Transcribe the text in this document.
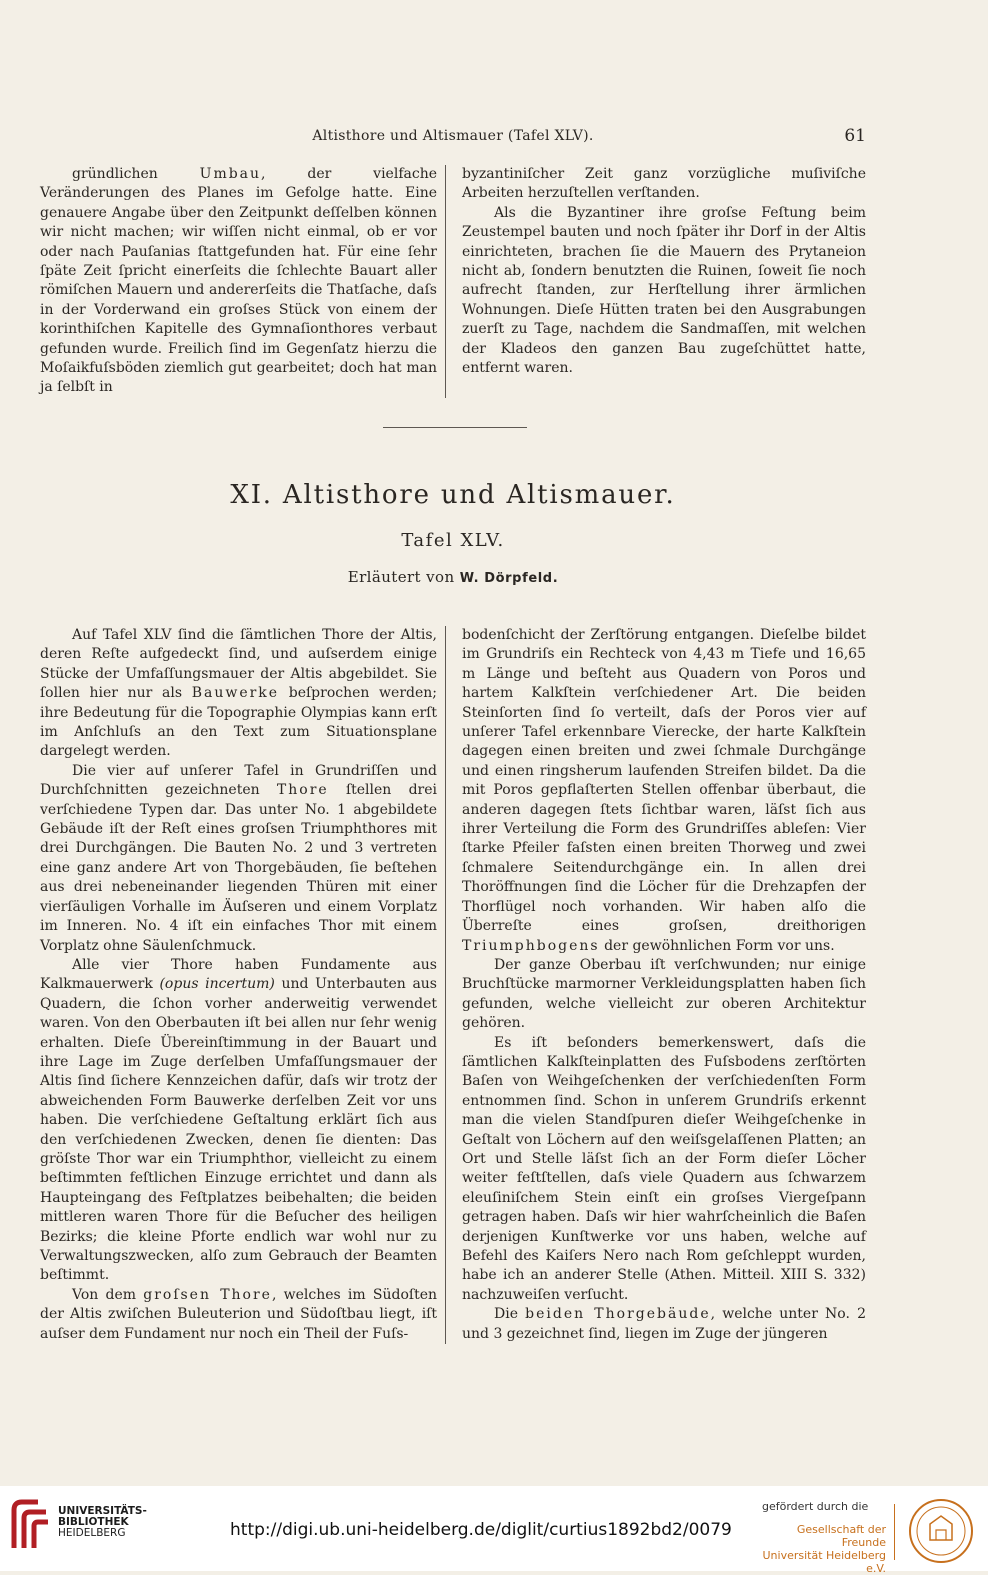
Altisthore und Altismauer (Tafel XLV).	61

gründlichen Umbau, der vielfache Veränderungen des Planes im Gefolge hatte. Eine genauere Angabe über den Zeitpunkt deſſelben können wir nicht machen; wir wiſſen nicht einmal, ob er vor oder nach Pauſanias ſtattgefunden hat. Für eine ſehr ſpäte Zeit ſpricht einerſeits die ſchlechte Bauart aller römiſchen Mauern und andererſeits die Thatſache, daſs in der Vorderwand ein groſses Stück von einem der korinthiſchen Kapitelle des Gymnaſionthores verbaut gefunden wurde. Freilich ſind im Gegenſatz hierzu die Moſaikfuſsböden ziemlich gut gearbeitet; doch hat man ja ſelbſt in

byzantiniſcher Zeit ganz vorzügliche muſiviſche Arbeiten herzuſtellen verſtanden.

Als die Byzantiner ihre groſse Feſtung beim Zeustempel bauten und noch ſpäter ihr Dorf in der Altis einrichteten, brachen ſie die Mauern des Prytaneion nicht ab, ſondern benutzten die Ruinen, ſoweit ſie noch aufrecht ſtanden, zur Herſtellung ihrer ärmlichen Wohnungen. Dieſe Hütten traten bei den Ausgrabungen zuerſt zu Tage, nachdem die Sandmaſſen, mit welchen der Kladeos den ganzen Bau zugeſchüttet hatte, entfernt waren.

XI. Altisthore und Altismauer.
Tafel XLV.
Erläutert von W. Dörpfeld.

Auf Tafel XLV ſind die ſämtlichen Thore der Altis, deren Reſte aufgedeckt ſind, und auſserdem einige Stücke der Umfaſſungsmauer der Altis abgebildet. Sie ſollen hier nur als Bauwerke beſprochen werden; ihre Bedeutung für die Topographie Olympias kann erſt im Anſchluſs an den Text zum Situationsplane dargelegt werden.

Die vier auf unſerer Tafel in Grundriſſen und Durchſchnitten gezeichneten Thore ſtellen drei verſchiedene Typen dar. Das unter No. 1 abgebildete Gebäude iſt der Reſt eines groſsen Triumphthores mit drei Durchgängen. Die Bauten No. 2 und 3 vertreten eine ganz andere Art von Thorgebäuden, ſie beſtehen aus drei nebeneinander liegenden Thüren mit einer vierſäuligen Vorhalle im Äuſseren und einem Vorplatz im Inneren. No. 4 iſt ein einfaches Thor mit einem Vorplatz ohne Säulenſchmuck.

Alle vier Thore haben Fundamente aus Kalkmauerwerk (opus incertum) und Unterbauten aus Quadern, die ſchon vorher anderweitig verwendet waren. Von den Oberbauten iſt bei allen nur ſehr wenig erhalten. Dieſe Übereinſtimmung in der Bauart und ihre Lage im Zuge derſelben Umfaſſungsmauer der Altis ſind ſichere Kennzeichen dafür, daſs wir trotz der abweichenden Form Bauwerke derſelben Zeit vor uns haben. Die verſchiedene Geſtaltung erklärt ſich aus den verſchiedenen Zwecken, denen ſie dienten: Das gröſste Thor war ein Triumphthor, vielleicht zu einem beſtimmten feſtlichen Einzuge errichtet und dann als Haupteingang des Feſtplatzes beibehalten; die beiden mittleren waren Thore für die Beſucher des heiligen Bezirks; die kleine Pforte endlich war wohl nur zu Verwaltungszwecken, alſo zum Gebrauch der Beamten beſtimmt.

Von dem groſsen Thore, welches im Südoſten der Altis zwiſchen Buleuterion und Südoſtbau liegt, iſt auſser dem Fundament nur noch ein Theil der Fuſs-

bodenſchicht der Zerſtörung entgangen. Dieſelbe bildet im Grundriſs ein Rechteck von 4,43 m Tiefe und 16,65 m Länge und beſteht aus Quadern von Poros und hartem Kalkſtein verſchiedener Art. Die beiden Steinſorten ſind ſo verteilt, daſs der Poros vier auf unſerer Tafel erkennbare Vierecke, der harte Kalkſtein dagegen einen breiten und zwei ſchmale Durchgänge und einen ringsherum laufenden Streifen bildet. Da die mit Poros gepflaſterten Stellen offenbar überbaut, die anderen dagegen ſtets ſichtbar waren, läſst ſich aus ihrer Verteilung die Form des Grundriſſes ableſen: Vier ſtarke Pfeiler faſsten einen breiten Thorweg und zwei ſchmalere Seitendurchgänge ein. In allen drei Thoröffnungen ſind die Löcher für die Drehzapfen der Thorflügel noch vorhanden. Wir haben alſo die Überreſte eines groſsen, dreithorigen Triumphbogens der gewöhnlichen Form vor uns.

Der ganze Oberbau iſt verſchwunden; nur einige Bruchſtücke marmorner Verkleidungsplatten haben ſich gefunden, welche vielleicht zur oberen Architektur gehören.

Es iſt beſonders bemerkenswert, daſs die ſämtlichen Kalkſteinplatten des Fuſsbodens zerſtörten Baſen von Weihgeſchenken der verſchiedenſten Form entnommen ſind. Schon in unſerem Grundriſs erkennt man die vielen Standſpuren dieſer Weihgeſchenke in Geſtalt von Löchern auf den weiſsgelaſſenen Platten; an Ort und Stelle läſst ſich an der Form dieſer Löcher weiter feſtſtellen, daſs viele Quadern aus ſchwarzem eleuſiniſchem Stein einſt ein groſses Viergeſpann getragen haben. Daſs wir hier wahrſcheinlich die Baſen derjenigen Kunſtwerke vor uns haben, welche auf Befehl des Kaiſers Nero nach Rom geſchleppt wurden, habe ich an anderer Stelle (Athen. Mitteil. XIII S. 332) nachzuweiſen verſucht.

Die beiden Thorgebäude, welche unter No. 2 und 3 gezeichnet ſind, liegen im Zuge der jüngeren

UNIVERSITÄTS-
BIBLIOTHEK
HEIDELBERG	http://digi.ub.uni-heidelberg.de/diglit/curtius1892bd2/0079
gefördert durch die
Gesellschaft der Freunde
Universität Heidelberg e.V.
